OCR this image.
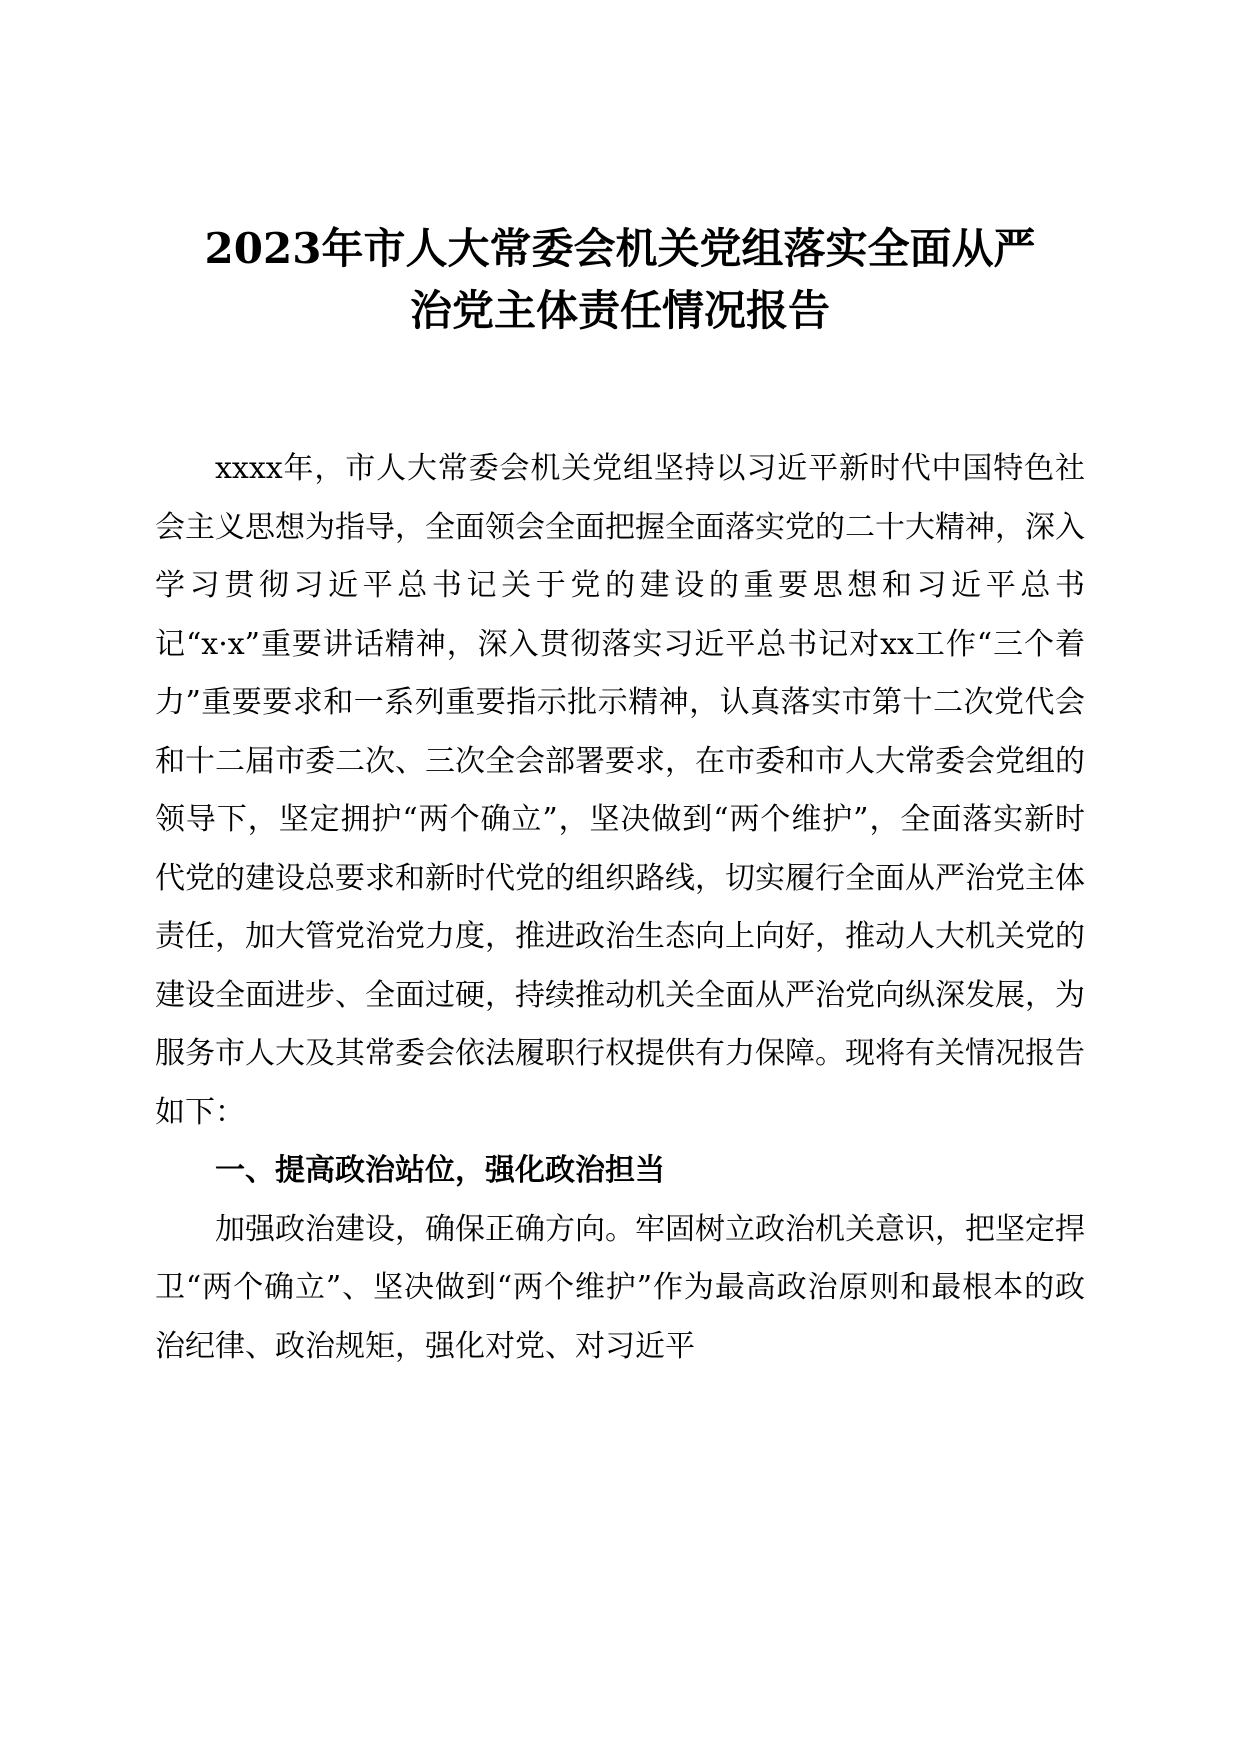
2023年市人大常委会机关党组落实全面从严
治党主体责任情况报告

xxxx年，市人大常委会机关党组坚持以习近平新时代中国特色社会主义思想为指导，全面领会全面把握全面落实党的二十大精神，深入学习贯彻习近平总书记关于党的建设的重要思想和习近平总书记“x·x”重要讲话精神，深入贯彻落实习近平总书记对xx工作“三个着力”重要要求和一系列重要指示批示精神，认真落实市第十二次党代会和十二届市委二次、三次全会部署要求，在市委和市人大常委会党组的领导下，坚定拥护“两个确立”，坚决做到“两个维护”，全面落实新时代党的建设总要求和新时代党的组织路线，切实履行全面从严治党主体责任，加大管党治党力度，推进政治生态向上向好，推动人大机关党的建设全面进步、全面过硬，持续推动机关全面从严治党向纵深发展，为服务市人大及其常委会依法履职行权提供有力保障。现将有关情况报告如下：

一、提高政治站位，强化政治担当

加强政治建设，确保正确方向。牢固树立政治机关意识，把坚定捍卫“两个确立”、坚决做到“两个维护”作为最高政治原则和最根本的政治纪律、政治规矩，强化对党、对习近平
